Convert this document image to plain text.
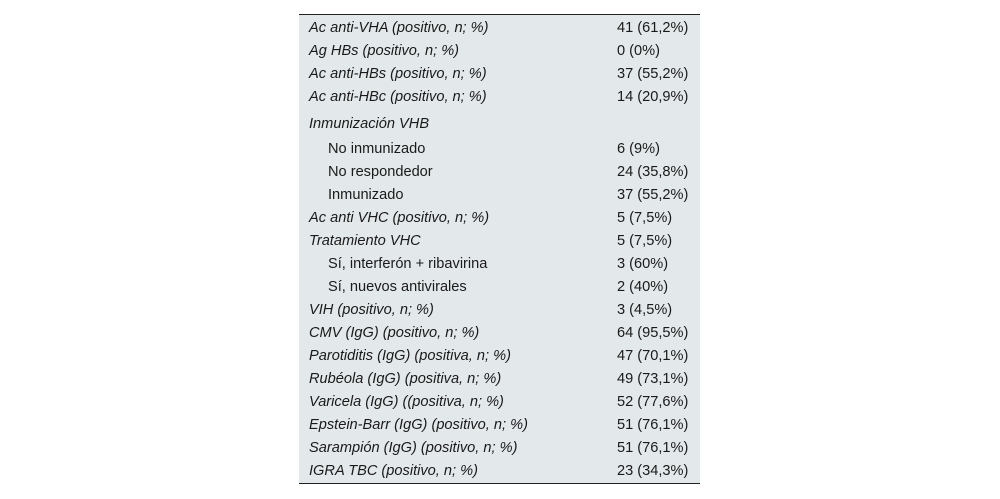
Ac anti-VHA (positivo, n; %)	41 (61,2%)
Ag HBs (positivo, n; %)	0 (0%)
Ac anti-HBs (positivo, n; %)	37 (55,2%)
Ac anti-HBc (positivo, n; %)	14 (20,9%)
Inmunización VHB	
No inmunizado	6 (9%)
No respondedor	24 (35,8%)
Inmunizado	37 (55,2%)
Ac anti VHC (positivo, n; %)	5 (7,5%)
Tratamiento VHC	5 (7,5%)
Sí, interferón + ribavirina	3 (60%)
Sí, nuevos antivirales	2 (40%)
VIH (positivo, n; %)	3 (4,5%)
CMV (IgG) (positivo, n; %)	64 (95,5%)
Parotiditis (IgG) (positiva, n; %)	47 (70,1%)
Rubéola (IgG) (positiva, n; %)	49 (73,1%)
Varicela (IgG) ((positiva, n; %)	52 (77,6%)
Epstein-Barr (IgG) (positivo, n; %)	51 (76,1%)
Sarampión (IgG) (positivo, n; %)	51 (76,1%)
IGRA TBC (positivo, n; %)	23 (34,3%)
